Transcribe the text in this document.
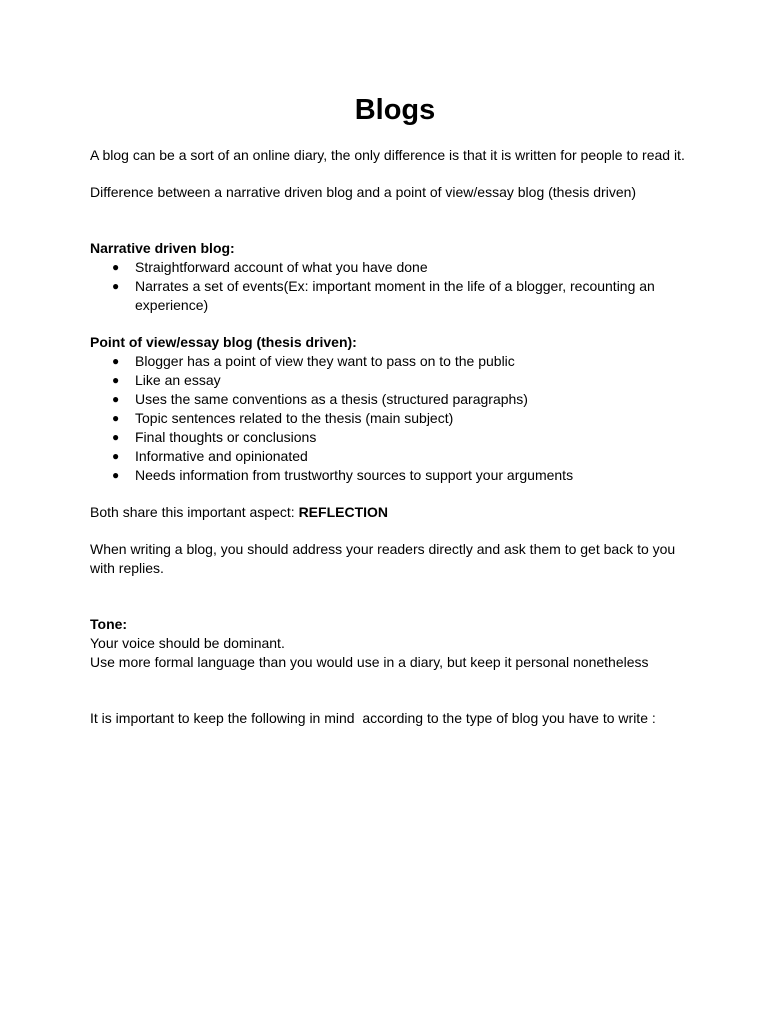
Blogs

A blog can be a sort of an online diary, the only difference is that it is written for people to read it.

Difference between a narrative driven blog and a point of view/essay blog (thesis driven)

Narrative driven blog:

● Straightforward account of what you have done
● Narrates a set of events(Ex: important moment in the life of a blogger, recounting an experience)

Point of view/essay blog (thesis driven):

● Blogger has a point of view they want to pass on to the public
● Like an essay
● Uses the same conventions as a thesis (structured paragraphs)
● Topic sentences related to the thesis (main subject)
● Final thoughts or conclusions
● Informative and opinionated
● Needs information from trustworthy sources to support your arguments

Both share this important aspect: REFLECTION

When writing a blog, you should address your readers directly and ask them to get back to you with replies.

Tone:

Your voice should be dominant.

Use more formal language than you would use in a diary, but keep it personal nonetheless

It is important to keep the following in mind  according to the type of blog you have to write :
